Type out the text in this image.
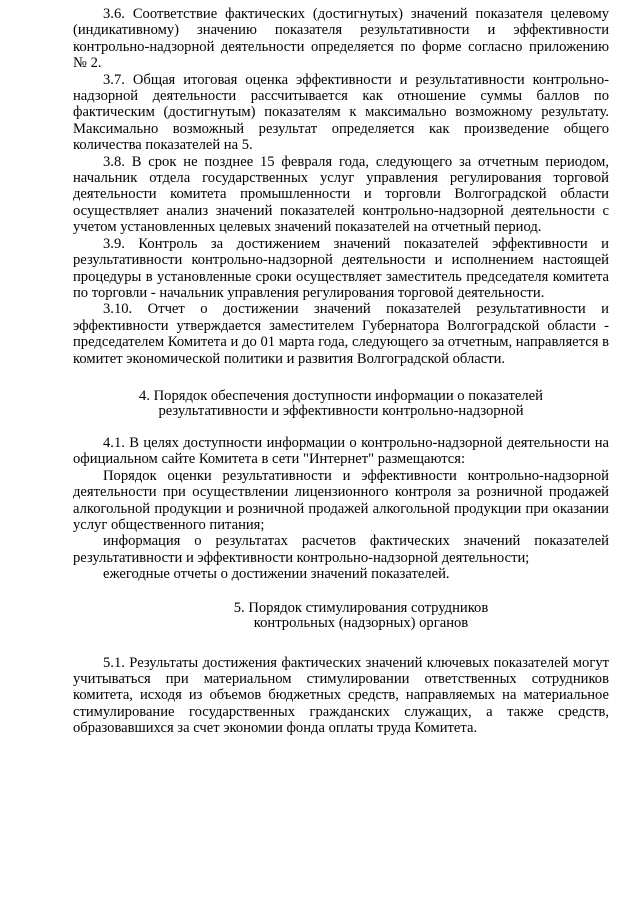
3.6. Соответствие фактических (достигнутых) значений показателя целевому (индикативному) значению показателя результативности и эффективности контрольно-надзорной деятельности определяется по форме согласно приложению № 2.

3.7. Общая итоговая оценка эффективности и результативности контрольно-надзорной деятельности рассчитывается как отношение суммы баллов по фактическим (достигнутым) показателям к максимально возможному результату. Максимально возможный результат определяется как произведение общего количества показателей на 5.

3.8. В срок не позднее 15 февраля года, следующего за отчетным периодом, начальник отдела государственных услуг управления регулирования торговой деятельности комитета промышленности и торговли Волгоградской области осуществляет анализ значений показателей контрольно-надзорной деятельности с учетом установленных целевых значений показателей на отчетный период.

3.9. Контроль за достижением значений показателей эффективности и результативности контрольно-надзорной деятельности и исполнением настоящей процедуры в установленные сроки осуществляет заместитель председателя комитета по торговли - начальник управления регулирования торговой деятельности.

3.10. Отчет о достижении значений показателей результативности и эффективности утверждается заместителем Губернатора Волгоградской области - председателем Комитета и до 01 марта года, следующего за отчетным, направляется в комитет экономической политики и развития Волгоградской области.

4. Порядок обеспечения доступности информации о показателей
результативности и эффективности контрольно-надзорной

4.1. В целях доступности информации о контрольно-надзорной деятельности на официальном сайте Комитета в сети "Интернет" размещаются:

Порядок оценки результативности и эффективности контрольно-надзорной деятельности при осуществлении лицензионного контроля за розничной продажей алкогольной продукции и розничной продажей алкогольной продукции при оказании услуг общественного питания;

информация о результатах расчетов фактических значений показателей результативности и эффективности контрольно-надзорной деятельности;

ежегодные отчеты о достижении значений показателей.

5. Порядок стимулирования сотрудников
контрольных (надзорных) органов

5.1. Результаты достижения фактических значений ключевых показателей могут учитываться при материальном стимулировании ответственных сотрудников комитета, исходя из объемов бюджетных средств, направляемых на материальное стимулирование государственных гражданских служащих, а также средств, образовавшихся за счет экономии фонда оплаты труда Комитета.
